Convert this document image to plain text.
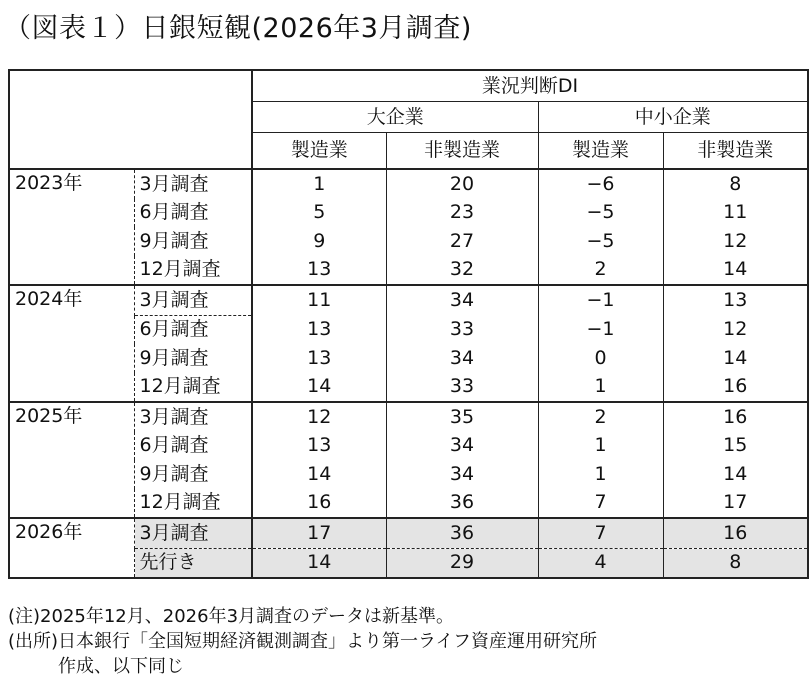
（図表１）日銀短観(2026年3月調査)
		業況判断DI			
		大企業		中小企業	
		製造業	非製造業	製造業	非製造業
2023年	3月調査	1	20	−6	8
	6月調査	5	23	−5	11
	9月調査	9	27	−5	12
	12月調査	13	32	2	14
2024年	3月調査	11	34	−1	13
	6月調査	13	33	−1	12
	9月調査	13	34	0	14
	12月調査	14	33	1	16
2025年	3月調査	12	35	2	16
	6月調査	13	34	1	15
	9月調査	14	34	1	14
	12月調査	16	36	7	17
2026年	3月調査	17	36	7	16
	先行き	14	29	4	8
(注)2025年12月、2026年3月調査のデータは新基準。
(出所)日本銀行「全国短期経済観測調査」より第一ライフ資産運用研究所
作成、以下同じ
